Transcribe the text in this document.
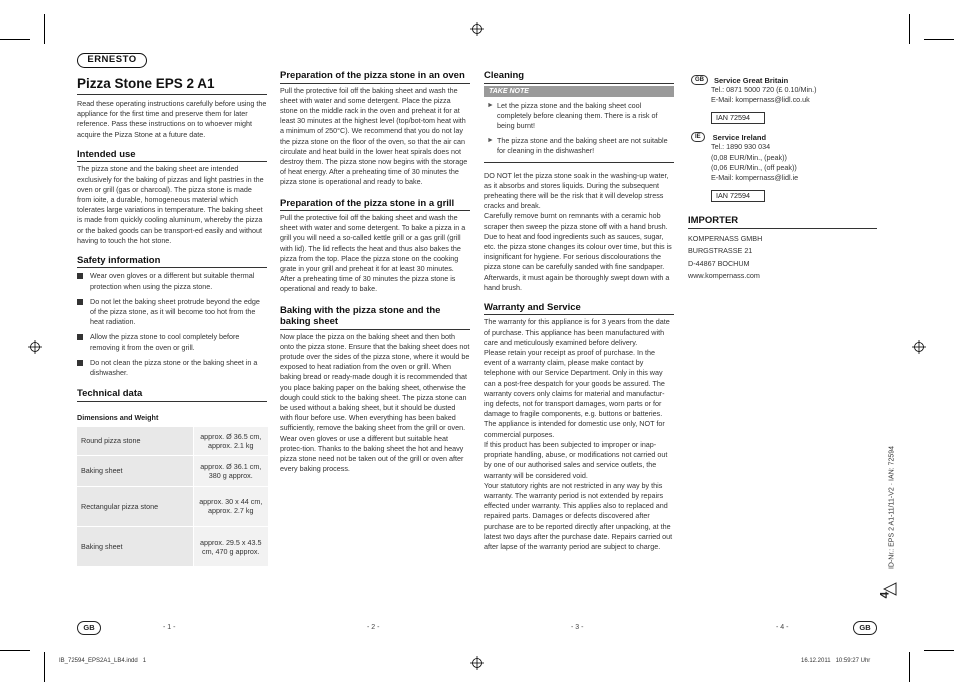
ERNESTO
Pizza Stone EPS 2 A1
Read these operating instructions carefully before using the appliance for the first time and preserve them for later reference. Pass these instructions on to whoever might acquire the Pizza Stone at a future date.
Intended use
The pizza stone and the baking sheet are intended exclusively for the baking of pizzas and light pastries in the oven or grill (gas or charcoal). The pizza stone is made from ioite, a durable, homogeneous material which tolerates large variations in temperature. The baking sheet is made from quickly cooling aluminum, whereby the pizza or the baked goods can be transport-ed easily and without having to touch the hot stone.
Safety information
Wear oven gloves or a different but suitable thermal protection when using the pizza stone.
Do not let the baking sheet protrude beyond the edge of the pizza stone, as it will become too hot from the heat radiation.
Allow the pizza stone to cool completely before removing it from the oven or grill.
Do not clean the pizza stone or the baking sheet in a dishwasher.
Technical data
Dimensions and Weight
Round pizza stone	approx. Ø 36.5 cm, approx. 2.1 kg
Baking sheet	approx. Ø 36.1 cm, 380 g approx.
Rectangular pizza stone	approx. 30 x 44 cm, approx. 2.7 kg
Baking sheet	approx. 29.5 x 43.5 cm, 470 g approx.
Preparation of the pizza stone in an oven
Pull the protective foil off the baking sheet and wash the sheet with water and some detergent. Place the pizza stone on the middle rack in the oven and preheat it for at least 30 minutes at the highest level (top/bot-tom heat with a minimum of 250°C). We recommend that you do not lay the pizza stone on the floor of the oven, so that the air can circulate and heat build in the lower heat spirals does not destroy them. The pizza stone now begins with the storage of heat energy. After a preheating time of 30 minutes the pizza stone is operational and ready to bake.
Preparation of the pizza stone in a grill
Pull the protective foil off the baking sheet and wash the sheet with water and some detergent. To bake a pizza in a grill you will need a so-called kettle grill or a gas grill (grill with lid). The lid reflects the heat and thus also bakes the pizza from the top. Place the pizza stone on the cooking grate in your grill and preheat it for at least 30 minutes. After a preheating time of 30 minutes the pizza stone is operational and ready to bake.
Baking with the pizza stone and the baking sheet
Now place the pizza on the baking sheet and then both onto the pizza stone. Ensure that the baking sheet does not protude over the sides of the pizza stone, where it would be exposed to heat radiation from the oven or grill. When baking bread or ready-made dough it is recommended that you place baking paper on the baking sheet, otherwise the dough could stick to the baking sheet. The pizza stone can be used without a baking sheet, but it should be dusted with flour before use. When everything has been baked sufficiently, remove the baking sheet from the grill or oven. Wear oven gloves or use a different but suitable heat protec-tion. Thanks to the baking sheet the hot and heavy pizza stone need not be taken out of the grill or oven after every baking process.
Cleaning
TAKE NOTE
► Let the pizza stone and the baking sheet cool completely before cleaning them. There is a risk of being burnt!
► The pizza stone and the baking sheet are not suitable for cleaning in the dishwasher!
DO NOT let the pizza stone soak in the washing-up water, as it absorbs and stores liquids. During the subsequent preheating there will be the risk that it will develop stress cracks and break.
Carefully remove burnt on remnants with a ceramic hob scraper then sweep the pizza stone off with a hand brush. Due to heat and food ingredients such as sauces, sugar, etc. the pizza stone changes its colour over time, but this is insignificant for hygiene. For serious discolourations the pizza stone can be carefully sanded with fine sandpaper. Afterwards, it must again be thoroughly swept down with a hand brush.
Warranty and Service
The warranty for this appliance is for 3 years from the date of purchase. This appliance has been manufactured with care and meticulously examined before delivery.
Please retain your receipt as proof of purchase. In the event of a warranty claim, please make contact by telephone with our Service Department. Only in this way can a post-free despatch for your goods be assured. The warranty covers only claims for material and manufactur-ing defects, not for transport damages, worn parts or for damage to fragile components, e.g. buttons or batteries. The appliance is intended for domestic use only, NOT for commercial purposes.
If this product has been subjected to improper or inap-propriate handling, abuse, or modifications not carried out by one of our authorised sales and service outlets, the warranty will be considered void.
Your statutory rights are not restricted in any way by this warranty. The warranty period is not extended by repairs effected under warranty. This applies also to replaced and repaired parts. Damages or defects discovered after purchase are to be reported directly after unpacking, at the latest two days after the purchase date. Repairs carried out after lapse of the warranty period are subject to charge.
GB	Service Great Britain
Tel.: 0871 5000 720 (£ 0.10/Min.)
E-Mail: kompernass@lidl.co.uk
IAN 72594
IE	Service Ireland
Tel.: 1890 930 034
(0,08 EUR/Min., (peak))
(0,06 EUR/Min., (off peak))
E-Mail: kompernass@lidl.ie
IAN 72594
IMPORTER
KOMPERNASS GMBH
BURGSTRASSE 21
D-44867 BOCHUM
www.kompernass.com
ID-Nr.: EPS 2 A1-11/11-V2 · IAN: 72594
4
GB	GB
- 1 -	- 2 -	- 3 -	- 4 -
IB_72594_EPS2A1_LB4.indd   1	16.12.2011   10:59:27 Uhr
